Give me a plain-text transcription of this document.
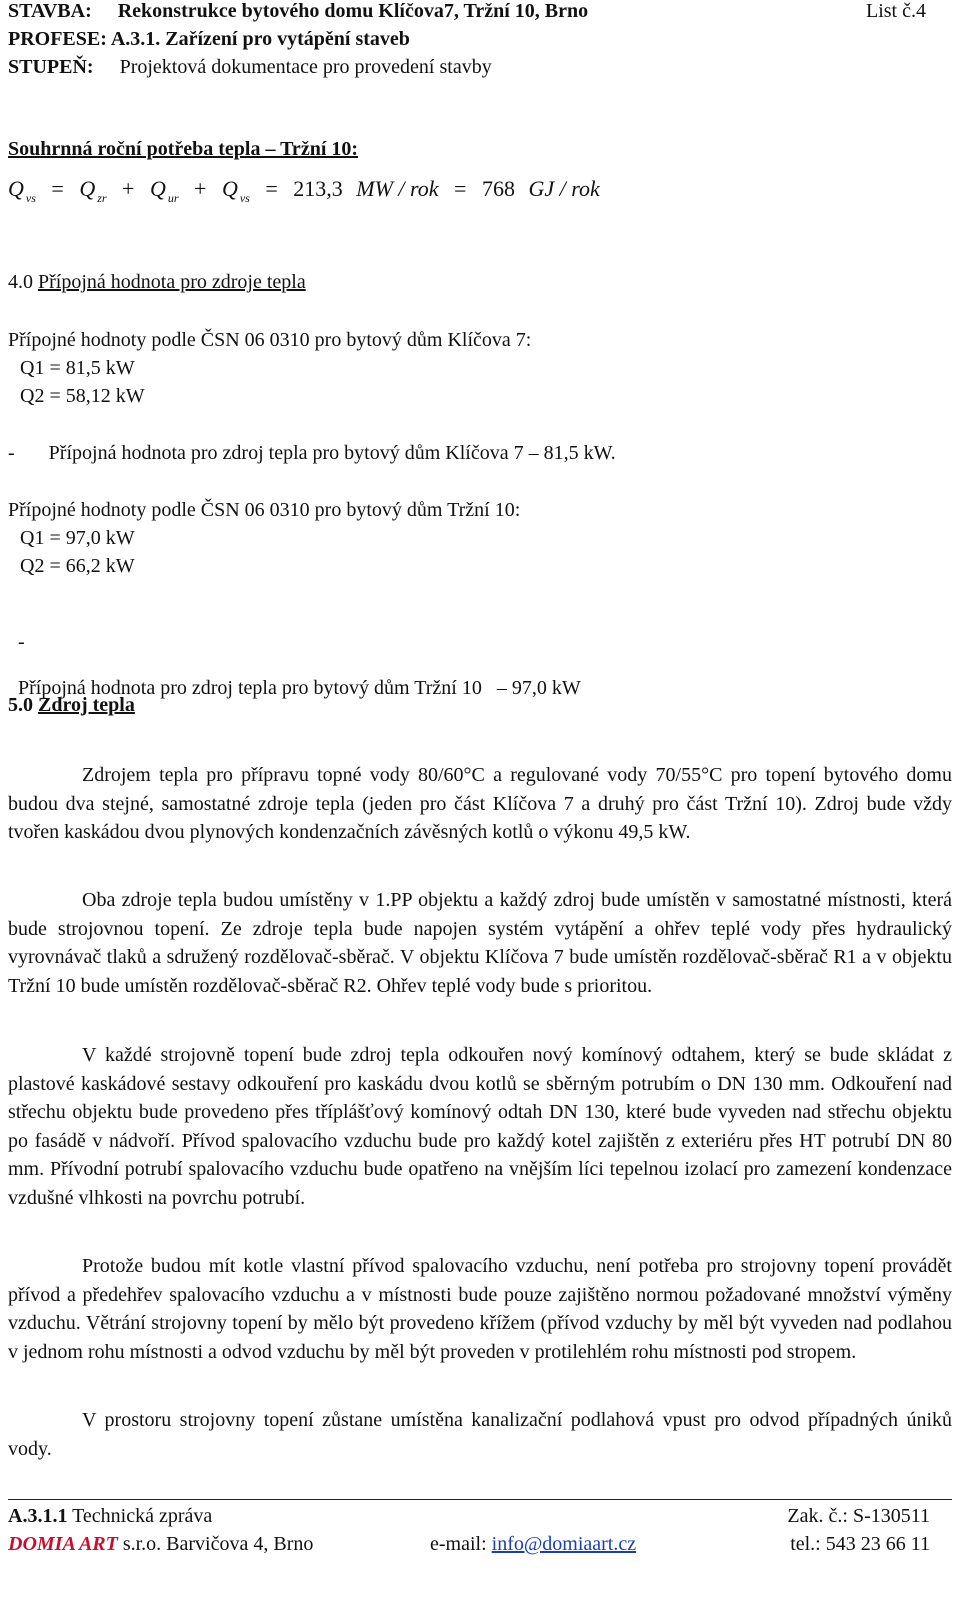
STAVBA: Rekonstrukce bytového domu Klíčova7, Tržní 10, Brno	List č.4
PROFESE: A.3.1. Zařízení pro vytápění staveb
STUPEŇ: Projektová dokumentace pro provedení stavby
Souhrnná roční potřeba tepla – Tržní 10:
Q $_{vs}$ = Q $_{zr}$ + Q $_{ur}$ + Q $_{vs}$ = 213,3 MW / rok = 768 GJ / rok
4.0 Přípojná hodnota pro zdroje tepla
Přípojné hodnoty podle ČSN 06 0310 pro bytový dům Klíčova 7:
Q1 = 81,5 kW
Q2 = 58,12 kW
- Přípojná hodnota pro zdroj tepla pro bytový dům Klíčova 7 – 81,5 kW.
Přípojné hodnoty podle ČSN 06 0310 pro bytový dům Tržní 10:
Q1 = 97,0 kW
Q2 = 66,2 kW

-

Přípojná hodnota pro zdroj tepla pro bytový dům Tržní 10   – 97,0 kW

5.0 Zdroj tepla

Zdrojem tepla pro přípravu topné vody 80/60°C a regulované vody 70/55°C pro topení bytového domu budou dva stejné, samostatné zdroje tepla (jeden pro část Klíčova 7 a druhý pro část Tržní 10). Zdroj bude vždy tvořen kaskádou dvou plynových kondenzačních závěsných kotlů o výkonu 49,5 kW.

Oba zdroje tepla budou umístěny v 1.PP objektu a každý zdroj bude umístěn v samostatné místnosti, která bude strojovnou topení. Ze zdroje tepla bude napojen systém vytápění a ohřev teplé vody přes hydraulický vyrovnávač tlaků a sdružený rozdělovač-sběrač. V objektu Klíčova 7 bude umístěn rozdělovač-sběrač R1 a v objektu Tržní 10 bude umístěn rozdělovač-sběrač R2. Ohřev teplé vody bude s prioritou.

V každé strojovně topení bude zdroj tepla odkouřen nový komínový odtahem, který se bude skládat z plastové kaskádové sestavy odkouření pro kaskádu dvou kotlů se sběrným potrubím o DN 130 mm. Odkouření nad střechu objektu bude provedeno přes tříplášťový komínový odtah DN 130, které bude vyveden nad střechu objektu po fasádě v nádvoří. Přívod spalovacího vzduchu bude pro každý kotel zajištěn z exteriéru přes HT potrubí DN 80 mm. Přívodní potrubí spalovacího vzduchu bude opatřeno na vnějším líci tepelnou izolací pro zamezení kondenzace vzdušné vlhkosti na povrchu potrubí.

Protože budou mít kotle vlastní přívod spalovacího vzduchu, není potřeba pro strojovny topení provádět přívod a předehřev spalovacího vzduchu a v místnosti bude pouze zajištěno normou požadované množství výměny vzduchu. Větrání strojovny topení by mělo být provedeno křížem (přívod vzduchy by měl být vyveden nad podlahou v jednom rohu místnosti a odvod vzduchu by měl být proveden v protilehlém rohu místnosti pod stropem.

V prostoru strojovny topení zůstane umístěna kanalizační podlahová vpust pro odvod případných úniků vody.

A.3.1.1 Technická zpráva	Zak. č.: S-130511
DOMIA ART s.r.o. Barvičova 4, Brno	e-mail: info@domiaart.cz	tel.: 543 23 66 11
